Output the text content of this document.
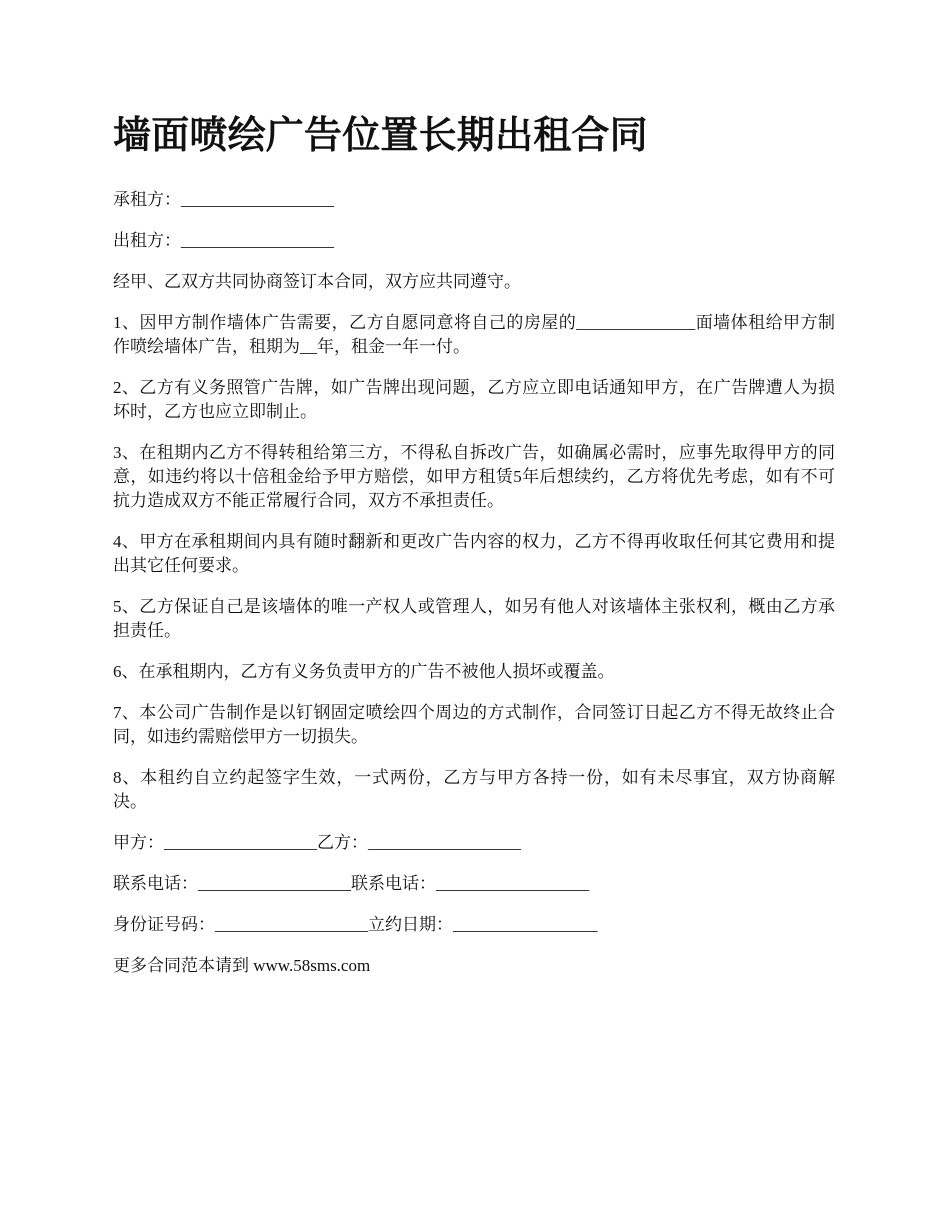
墙面喷绘广告位置长期出租合同

承租方：__________________

出租方：__________________

经甲、乙双方共同协商签订本合同，双方应共同遵守。

1、因甲方制作墙体广告需要，乙方自愿同意将自己的房屋的______________面墙体租给甲方制作喷绘墙体广告，租期为__年，租金一年一付。

2、乙方有义务照管广告牌，如广告牌出现问题，乙方应立即电话通知甲方，在广告牌遭人为损坏时，乙方也应立即制止。

3、在租期内乙方不得转租给第三方，不得私自拆改广告，如确属必需时，应事先取得甲方的同意，如违约将以十倍租金给予甲方赔偿，如甲方租赁5年后想续约，乙方将优先考虑，如有不可抗力造成双方不能正常履行合同，双方不承担责任。

4、甲方在承租期间内具有随时翻新和更改广告内容的权力，乙方不得再收取任何其它费用和提出其它任何要求。

5、乙方保证自己是该墙体的唯一产权人或管理人，如另有他人对该墙体主张权利，概由乙方承担责任。

6、在承租期内，乙方有义务负责甲方的广告不被他人损坏或覆盖。

7、本公司广告制作是以钉钢固定喷绘四个周边的方式制作，合同签订日起乙方不得无故终止合同，如违约需赔偿甲方一切损失。

8、本租约自立约起签字生效，一式两份，乙方与甲方各持一份，如有未尽事宜，双方协商解决。

甲方：__________________乙方：__________________

联系电话：__________________联系电话：__________________

身份证号码：__________________立约日期：_________________

更多合同范本请到 www.58sms.com
